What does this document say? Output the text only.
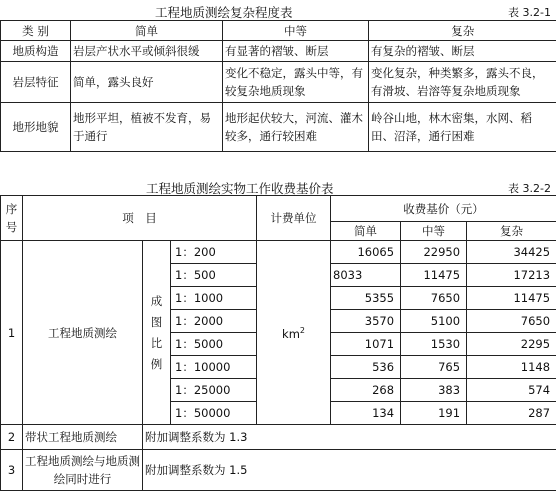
工程地质测绘复杂程度表	表 3.2-1
类 别	简单	中等	复杂
地质构造	岩层产状水平或倾斜很缓	有显著的褶皱、断层	有复杂的褶皱、断层
岩层特征	简单，露头良好	变化不稳定，露头中等，有较复杂地质现象	变化复杂，种类繁多，露头不良，有滑坡、岩溶等复杂地质现象
地形地貌	地形平坦，植被不发育，易于通行	地形起伏较大，河流、灌木较多，通行较困难	岭谷山地，林木密集，水网、稻田、沼泽，通行困难
工程地质测绘实物工作收费基价表	表 3.2-2
序号	项　目			计费单位	收费基价（元）		
					简单	中等	复杂
1	工程地质测绘	成图比例	1：200	$km^2$	16065	22950	34425
			1：500		8033	11475	17213
			1：1000		5355	7650	11475
			1：2000		3570	5100	7650
			1：5000		1071	1530	2295
			1：10000		536	765	1148
			1：25000		268	383	574
			1：50000		134	191	287
2	带状工程地质测绘	附加调整系数为 1.3					
3	工程地质测绘与地质测绘同时进行	附加调整系数为 1.5					
